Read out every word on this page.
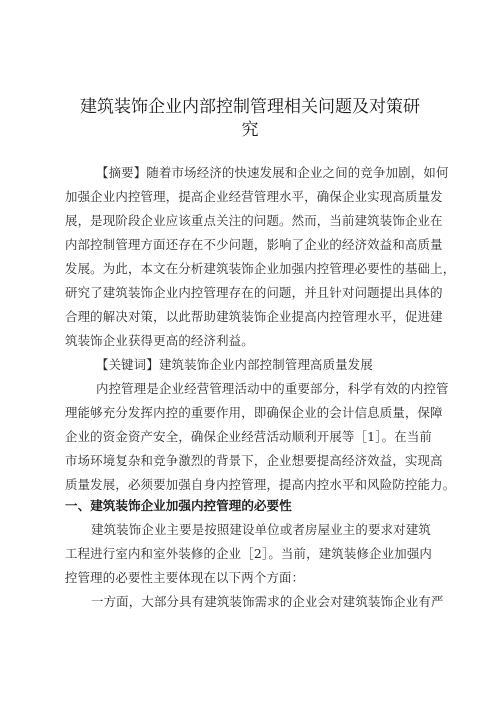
建筑装饰企业内部控制管理相关问题及对策研
究
【摘要】随着市场经济的快速发展和企业之间的竞争加剧，如何
加强企业内控管理，提高企业经营管理水平，确保企业实现高质量发
展，是现阶段企业应该重点关注的问题。然而，当前建筑装饰企业在
内部控制管理方面还存在不少问题，影响了企业的经济效益和高质量
发展。为此，本文在分析建筑装饰企业加强内控管理必要性的基础上，
研究了建筑装饰企业内控管理存在的问题，并且针对问题提出具体的
合理的解决对策，以此帮助建筑装饰企业提高内控管理水平，促进建
筑装饰企业获得更高的经济利益。
【关键词】建筑装饰企业内部控制管理高质量发展
内控管理是企业经营管理活动中的重要部分，科学有效的内控管
理能够充分发挥内控的重要作用，即确保企业的会计信息质量，保障
企业的资金资产安全，确保企业经营活动顺利开展等［1］。在当前
市场环境复杂和竞争激烈的背景下，企业想要提高经济效益，实现高
质量发展，必须要加强自身内控管理，提高内控水平和风险防控能力。
一、建筑装饰企业加强内控管理的必要性
建筑装饰企业主要是按照建设单位或者房屋业主的要求对建筑
工程进行室内和室外装修的企业［2］。当前，建筑装修企业加强内
控管理的必要性主要体现在以下两个方面：
一方面，大部分具有建筑装饰需求的企业会对建筑装饰企业有严
